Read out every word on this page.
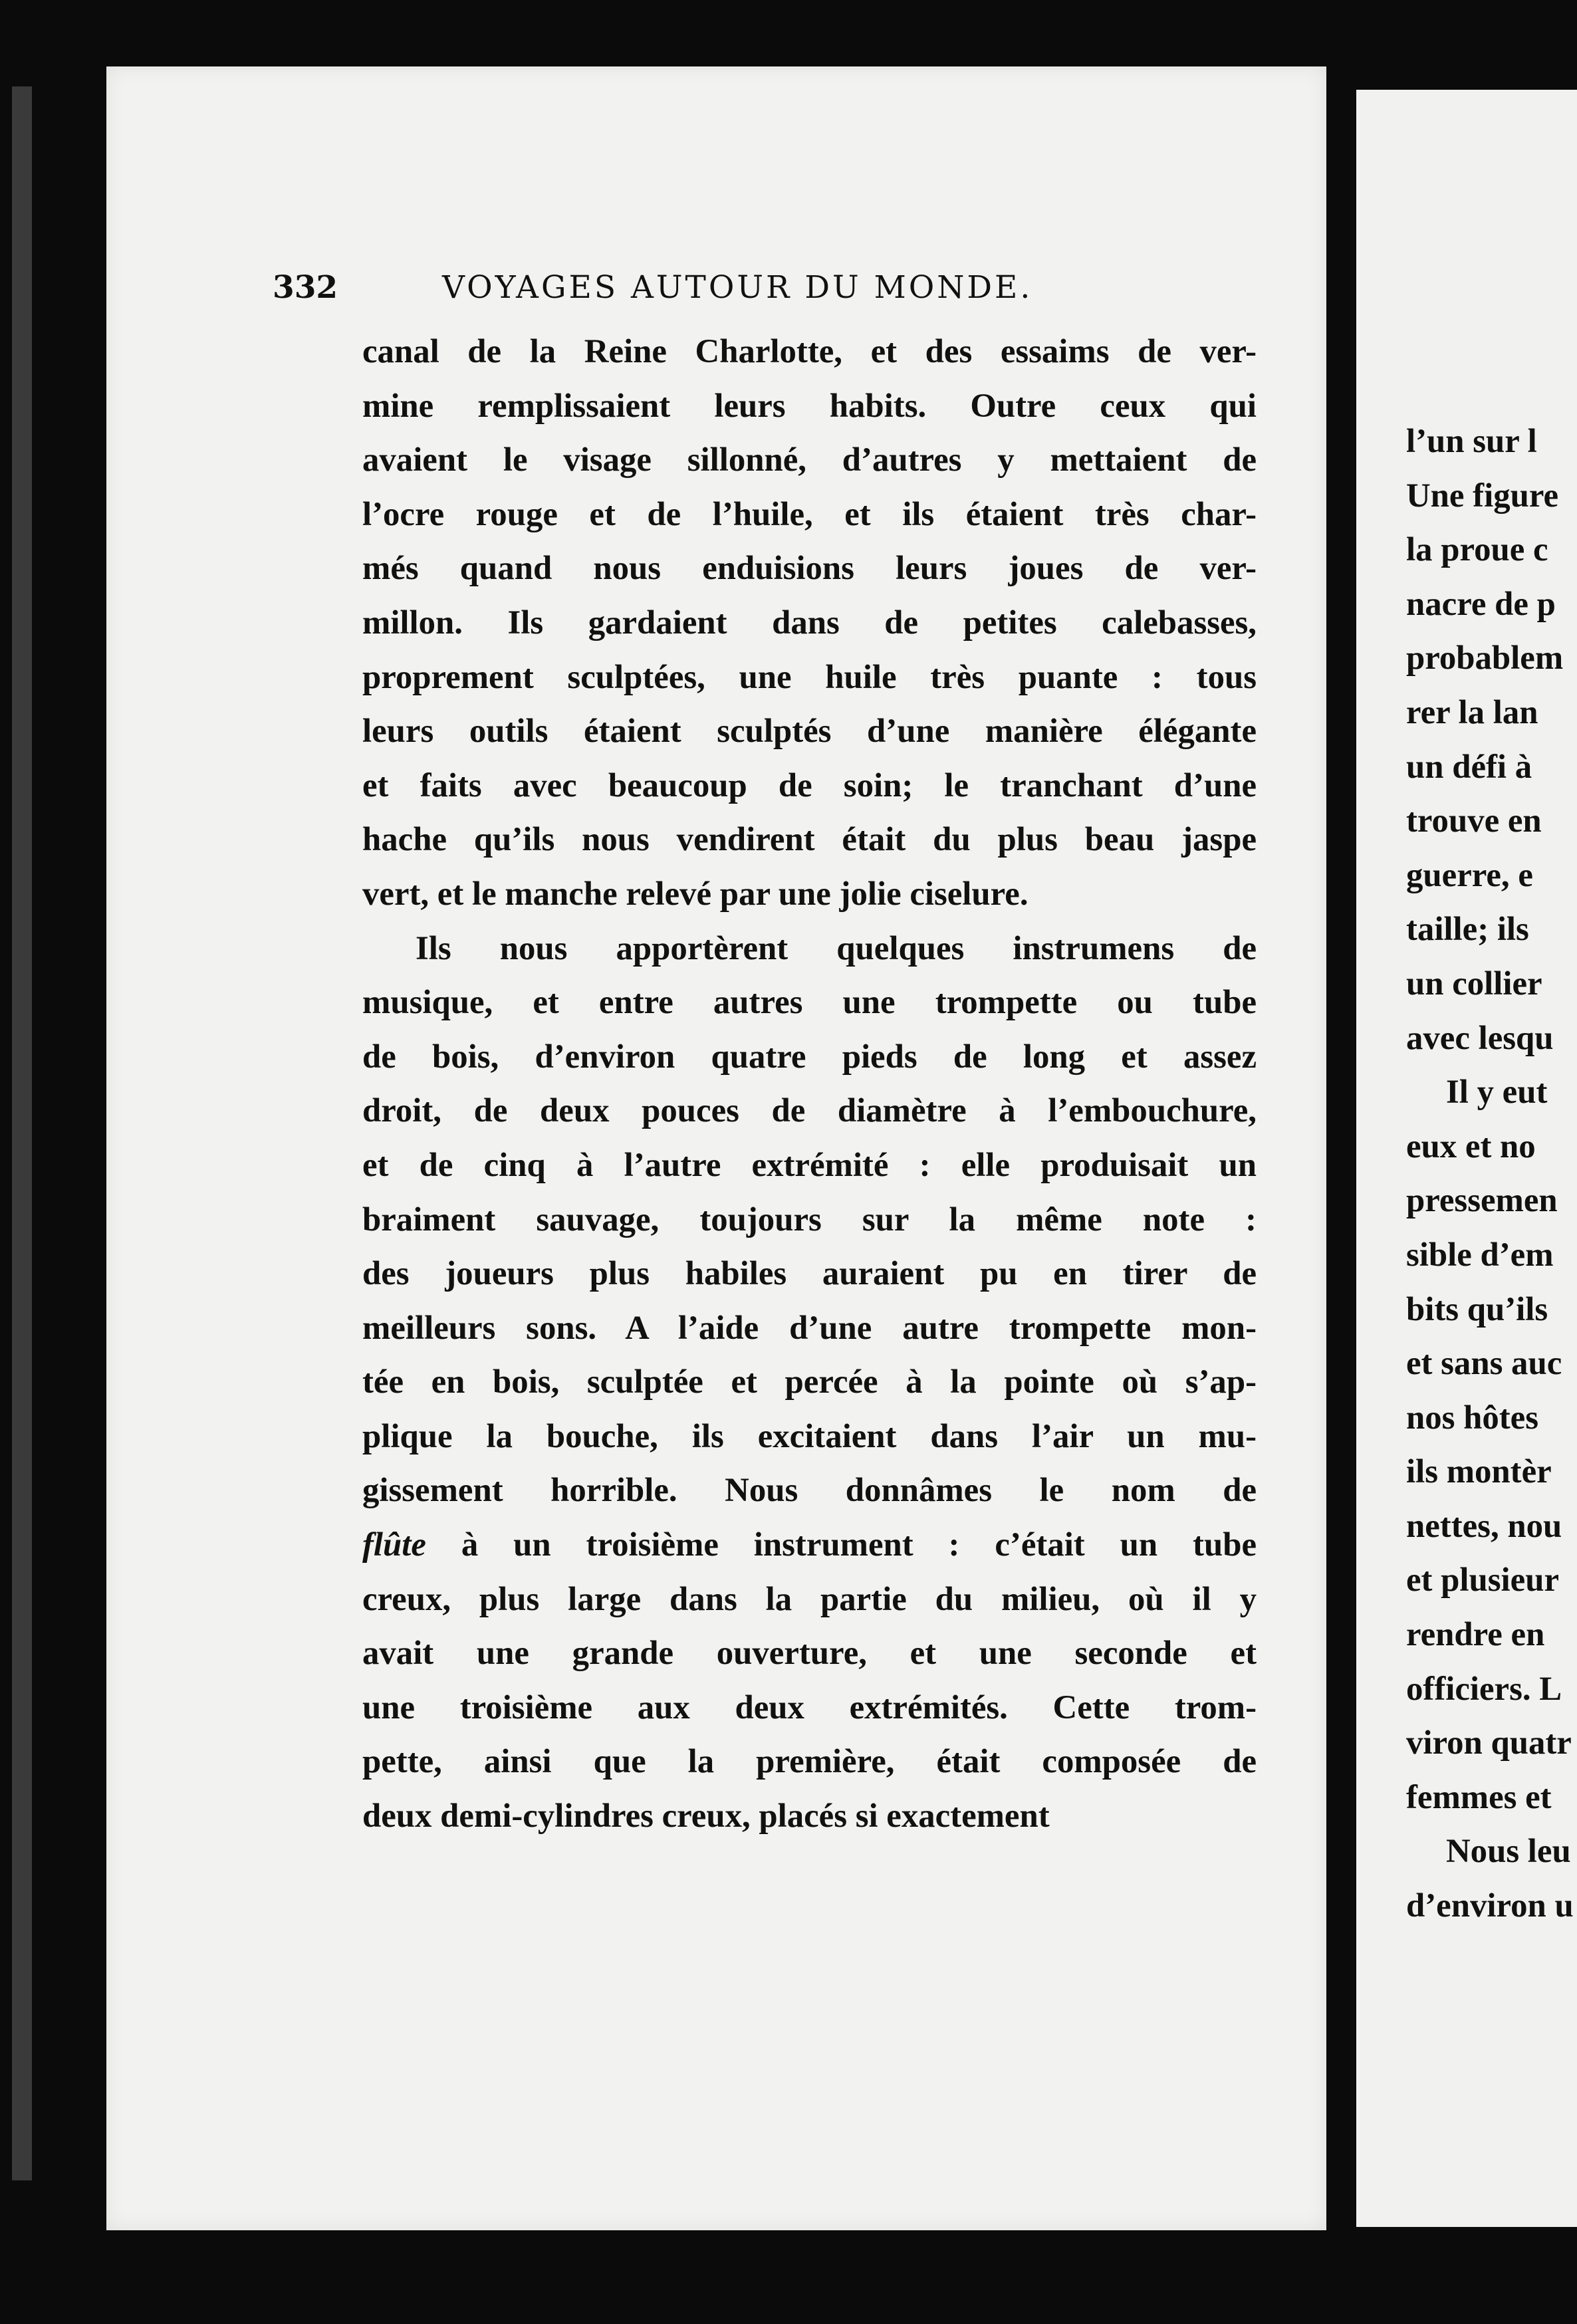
l’un sur l
Une figure
la proue c
nacre de p
probablem
rer la lan
un défi à
trouve en
guerre, e
taille; ils
un collier
avec lesqu
Il y eut
eux et no
pressemen
sible d’em
bits qu’ils
et sans auc
nos hôtes
ils montèr
nettes, nou
et plusieur
rendre en
officiers. L
viron quatr
femmes et
Nous leu
d’environ u
332	VOYAGES AUTOUR DU MONDE.
canal de la Reine Charlotte, et des essaims de ver-
mine remplissaient leurs habits. Outre ceux qui
avaient le visage sillonné, d’autres y mettaient de
l’ocre rouge et de l’huile, et ils étaient très char-
més quand nous enduisions leurs joues de ver-
millon. Ils gardaient dans de petites calebasses,
proprement sculptées, une huile très puante : tous
leurs outils étaient sculptés d’une manière élégante
et faits avec beaucoup de soin; le tranchant d’une
hache qu’ils nous vendirent était du plus beau jaspe
vert, et le manche relevé par une jolie ciselure.
Ils nous apportèrent quelques instrumens de
musique, et entre autres une trompette ou tube
de bois, d’environ quatre pieds de long et assez
droit, de deux pouces de diamètre à l’embouchure,
et de cinq à l’autre extrémité : elle produisait un
braiment sauvage, toujours sur la même note :
des joueurs plus habiles auraient pu en tirer de
meilleurs sons. A l’aide d’une autre trompette mon-
tée en bois, sculptée et percée à la pointe où s’ap-
plique la bouche, ils excitaient dans l’air un mu-
gissement horrible. Nous donnâmes le nom de
flûte à un troisième instrument : c’était un tube
creux, plus large dans la partie du milieu, où il y
avait une grande ouverture, et une seconde et
une troisième aux deux extrémités. Cette trom-
pette, ainsi que la première, était composée de
deux demi-cylindres creux, placés si exactement
